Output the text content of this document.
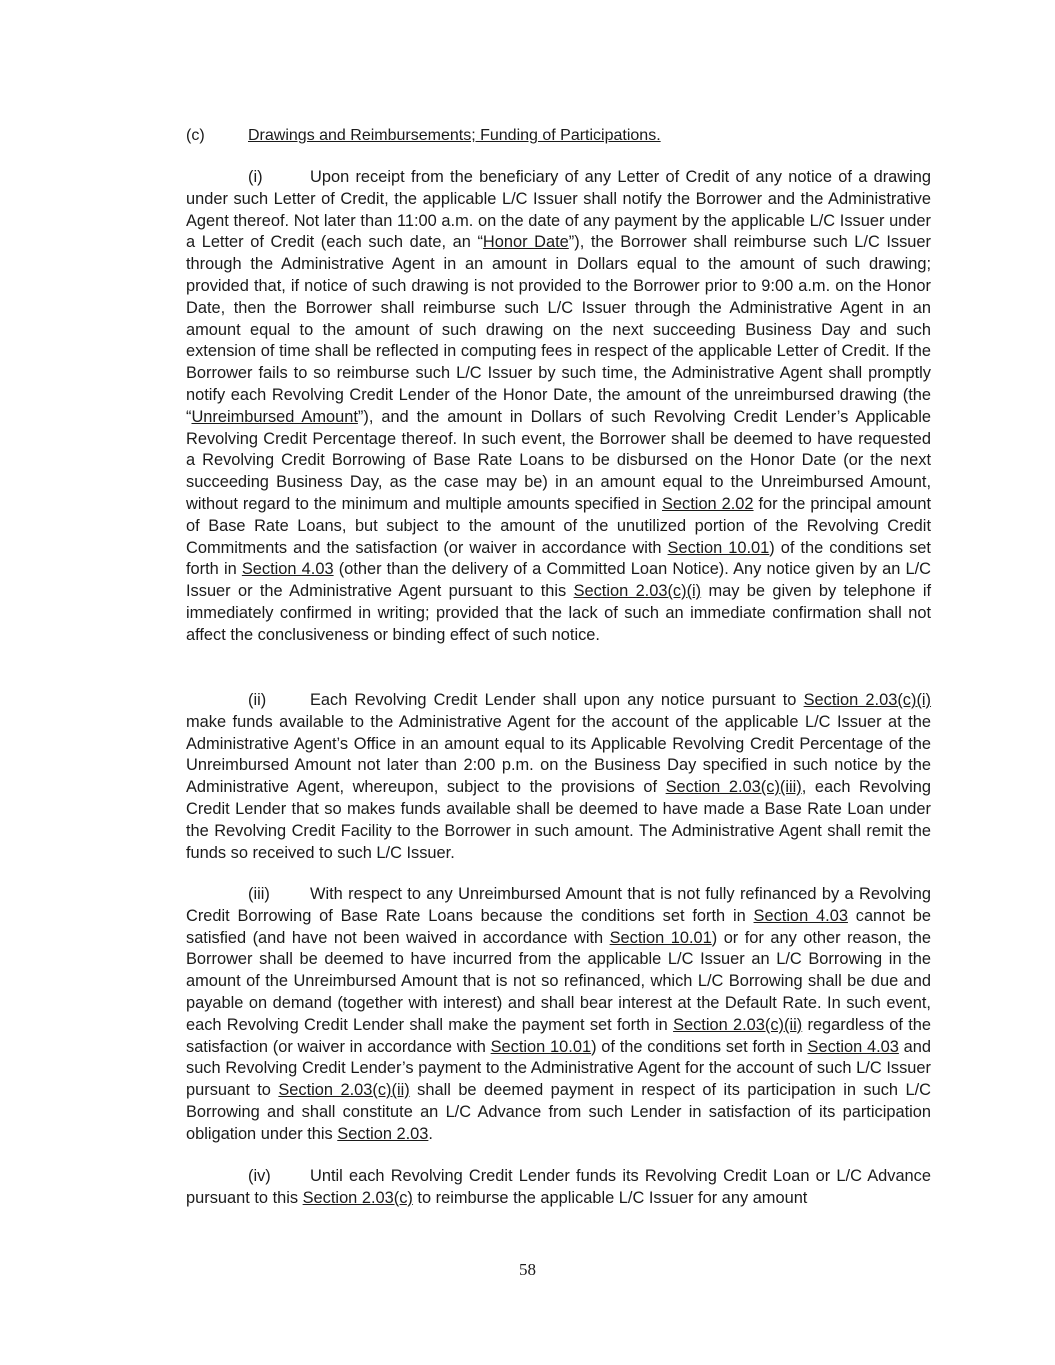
(c)	Drawings and Reimbursements; Funding of Participations.

(i)	Upon receipt from the beneficiary of any Letter of Credit of any notice of a drawing under such Letter of Credit, the applicable L/C Issuer shall notify the Borrower and the Administrative Agent thereof. Not later than 11:00 a.m. on the date of any payment by the applicable L/C Issuer under a Letter of Credit (each such date, an “Honor Date”), the Borrower shall reimburse such L/C Issuer through the Administrative Agent in an amount in Dollars equal to the amount of such drawing; provided that, if notice of such drawing is not provided to the Borrower prior to 9:00 a.m. on the Honor Date, then the Borrower shall reimburse such L/C Issuer through the Administrative Agent in an amount equal to the amount of such drawing on the next succeeding Business Day and such extension of time shall be reflected in computing fees in respect of the applicable Letter of Credit. If the Borrower fails to so reimburse such L/C Issuer by such time, the Administrative Agent shall promptly notify each Revolving Credit Lender of the Honor Date, the amount of the unreimbursed drawing (the “Unreimbursed Amount”), and the amount in Dollars of such Revolving Credit Lender’s Applicable Revolving Credit Percentage thereof. In such event, the Borrower shall be deemed to have requested a Revolving Credit Borrowing of Base Rate Loans to be disbursed on the Honor Date (or the next succeeding Business Day, as the case may be) in an amount equal to the Unreimbursed Amount, without regard to the minimum and multiple amounts specified in Section 2.02 for the principal amount of Base Rate Loans, but subject to the amount of the unutilized portion of the Revolving Credit Commitments and the satisfaction (or waiver in accordance with Section 10.01) of the conditions set forth in Section 4.03 (other than the delivery of a Committed Loan Notice). Any notice given by an L/C Issuer or the Administrative Agent pursuant to this Section 2.03(c)(i) may be given by telephone if immediately confirmed in writing; provided that the lack of such an immediate confirmation shall not affect the conclusiveness or binding effect of such notice.

(ii)	Each Revolving Credit Lender shall upon any notice pursuant to Section 2.03(c)(i) make funds available to the Administrative Agent for the account of the applicable L/C Issuer at the Administrative Agent’s Office in an amount equal to its Applicable Revolving Credit Percentage of the Unreimbursed Amount not later than 2:00 p.m. on the Business Day specified in such notice by the Administrative Agent, whereupon, subject to the provisions of Section 2.03(c)(iii), each Revolving Credit Lender that so makes funds available shall be deemed to have made a Base Rate Loan under the Revolving Credit Facility to the Borrower in such amount. The Administrative Agent shall remit the funds so received to such L/C Issuer.

(iii) With respect to any Unreimbursed Amount that is not fully refinanced by a Revolving Credit Borrowing of Base Rate Loans because the conditions set forth in Section 4.03 cannot be satisfied (and have not been waived in accordance with Section 10.01) or for any other reason, the Borrower shall be deemed to have incurred from the applicable L/C Issuer an L/C Borrowing in the amount of the Unreimbursed Amount that is not so refinanced, which L/C Borrowing shall be due and payable on demand (together with interest) and shall bear interest at the Default Rate. In such event, each Revolving Credit Lender shall make the payment set forth in Section 2.03(c)(ii) regardless of the satisfaction (or waiver in accordance with Section 10.01) of the conditions set forth in Section 4.03 and such Revolving Credit Lender’s payment to the Administrative Agent for the account of such L/C Issuer pursuant to Section 2.03(c)(ii) shall be deemed payment in respect of its participation in such L/C Borrowing and shall constitute an L/C Advance from such Lender in satisfaction of its participation obligation under this Section 2.03.

(iv) Until each Revolving Credit Lender funds its Revolving Credit Loan or L/C Advance pursuant to this Section 2.03(c) to reimburse the applicable L/C Issuer for any amount

58
